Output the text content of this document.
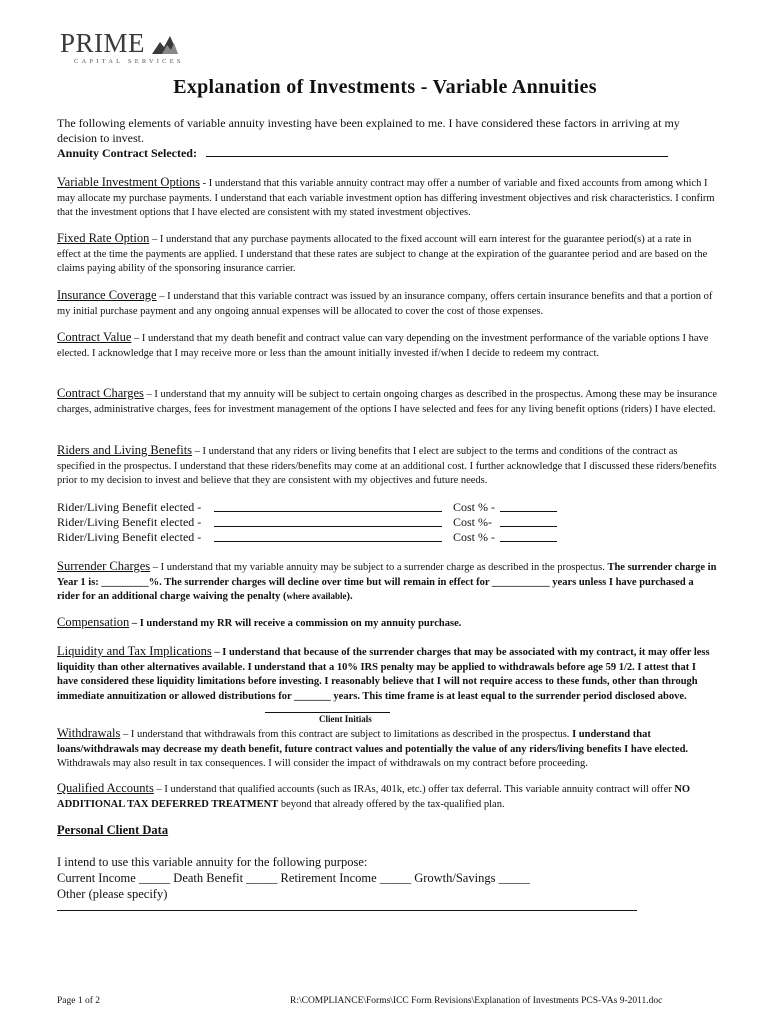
PRIME
CAPITAL SERVICES
Explanation of Investments - Variable Annuities
The following elements of variable annuity investing have been explained to me. I have considered these factors in arriving at my decision to invest.
Annuity Contract Selected:
Variable Investment Options - I understand that this variable annuity contract may offer a number of variable and fixed accounts from among which I may allocate my purchase payments. I understand that each variable investment option has differing investment objectives and risk characteristics. I confirm that the investment options that I have elected are consistent with my stated investment objectives.
Fixed Rate Option – I understand that any purchase payments allocated to the fixed account will earn interest for the guarantee period(s) at a rate in effect at the time the payments are applied. I understand that these rates are subject to change at the expiration of the guarantee period and are based on the claims paying ability of the sponsoring insurance carrier.
Insurance Coverage – I understand that this variable contract was issued by an insurance company, offers certain insurance benefits and that a portion of my initial purchase payment and any ongoing annual expenses will be allocated to cover the cost of those expenses.
Contract Value – I understand that my death benefit and contract value can vary depending on the investment performance of the variable options I have elected. I acknowledge that I may receive more or less than the amount initially invested if/when I decide to redeem my contract.
Contract Charges – I understand that my annuity will be subject to certain ongoing charges as described in the prospectus. Among these may be insurance charges, administrative charges, fees for investment management of the options I have selected and fees for any living benefit options (riders) I have elected.
Riders and Living Benefits – I understand that any riders or living benefits that I elect are subject to the terms and conditions of the contract as specified in the prospectus. I understand that these riders/benefits may come at an additional cost. I further acknowledge that I discussed these riders/benefits prior to my decision to invest and believe that they are consistent with my objectives and future needs.
Rider/Living Benefit elected -	Cost % -
Rider/Living Benefit elected -	Cost %-
Rider/Living Benefit elected -	Cost % -
Surrender Charges – I understand that my variable annuity may be subject to a surrender charge as described in the prospectus. The surrender charge in Year 1 is: _________%. The surrender charges will decline over time but will remain in effect for ___________ years unless I have purchased a rider for an additional charge waiving the penalty (where available).
Compensation – I understand my RR will receive a commission on my annuity purchase.
Liquidity and Tax Implications – I understand that because of the surrender charges that may be associated with my contract, it may offer less liquidity than other alternatives available. I understand that a 10% IRS penalty may be applied to withdrawals before age 59 1/2. I attest that I have considered these liquidity limitations before investing. I reasonably believe that I will not require access to these funds, other than through immediate annuitization or allowed distributions for _______ years. This time frame is at least equal to the surrender period disclosed above.
Client Initials
Withdrawals – I understand that withdrawals from this contract are subject to limitations as described in the prospectus. I understand that loans/withdrawals may decrease my death benefit, future contract values and potentially the value of any riders/living benefits I have elected. Withdrawals may also result in tax consequences. I will consider the impact of withdrawals on my contract before proceeding.
Qualified Accounts – I understand that qualified accounts (such as IRAs, 401k, etc.) offer tax deferral. This variable annuity contract will offer NO ADDITIONAL TAX DEFERRED TREATMENT beyond that already offered by the tax-qualified plan.
Personal Client Data
I intend to use this variable annuity for the following purpose:
Current Income _____ Death Benefit _____ Retirement Income _____ Growth/Savings _____
Other (please specify)
Page 1 of 2	R:\COMPLIANCE\Forms\ICC Form Revisions\Explanation of Investments PCS-VAs 9-2011.doc
